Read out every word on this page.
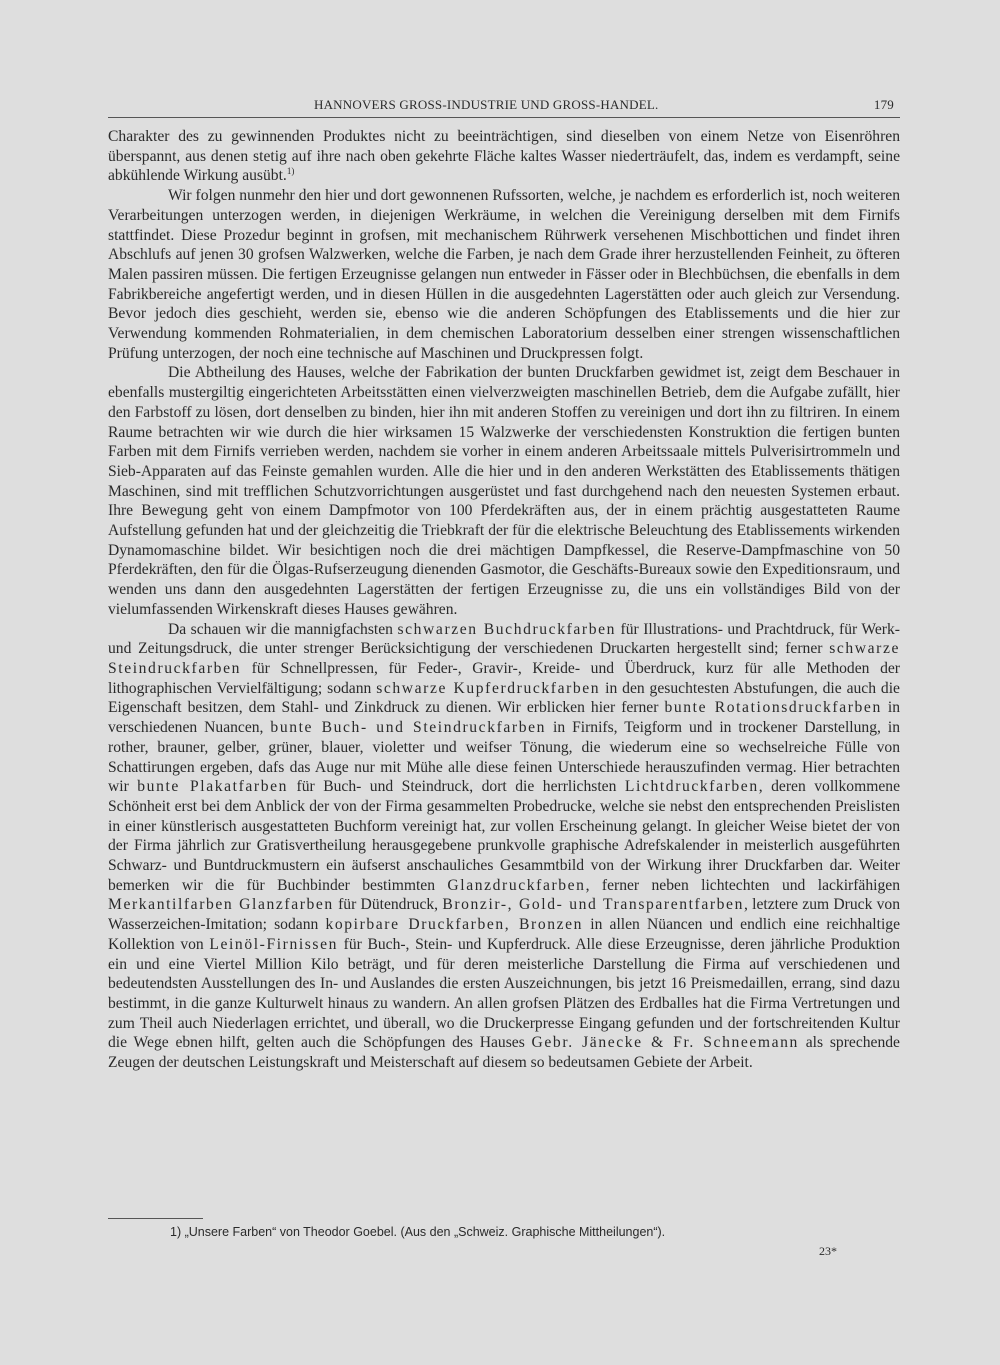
HANNOVERS GROSS-INDUSTRIE UND GROSS-HANDEL.	179

Charakter des zu gewinnenden Produktes nicht zu beeinträchtigen, sind dieselben von einem Netze von Eisenröhren überspannt, aus denen stetig auf ihre nach oben gekehrte Fläche kaltes Wasser niederträufelt, das, indem es verdampft, seine abkühlende Wirkung ausübt.$^{1)}$

Wir folgen nunmehr den hier und dort gewonnenen Rufssorten, welche, je nachdem es erforderlich ist, noch weiteren Verarbeitungen unterzogen werden, in diejenigen Werkräume, in welchen die Vereinigung derselben mit dem Firnifs stattfindet. Diese Prozedur beginnt in grofsen, mit mechanischem Rührwerk versehenen Mischbottichen und findet ihren Abschlufs auf jenen 30 grofsen Walzwerken, welche die Farben, je nach dem Grade ihrer herzustellenden Feinheit, zu öfteren Malen passiren müssen. Die fertigen Erzeugnisse gelangen nun entweder in Fässer oder in Blechbüchsen, die ebenfalls in dem Fabrikbereiche angefertigt werden, und in diesen Hüllen in die ausgedehnten Lagerstätten oder auch gleich zur Versendung. Bevor jedoch dies geschieht, werden sie, ebenso wie die anderen Schöpfungen des Etablissements und die hier zur Verwendung kommenden Rohmaterialien, in dem chemischen Laboratorium desselben einer strengen wissenschaftlichen Prüfung unterzogen, der noch eine technische auf Maschinen und Druckpressen folgt.

Die Abtheilung des Hauses, welche der Fabrikation der bunten Druckfarben gewidmet ist, zeigt dem Beschauer in ebenfalls mustergiltig eingerichteten Arbeitsstätten einen vielverzweigten maschinellen Betrieb, dem die Aufgabe zufällt, hier den Farbstoff zu lösen, dort denselben zu binden, hier ihn mit anderen Stoffen zu vereinigen und dort ihn zu filtriren. In einem Raume betrachten wir wie durch die hier wirksamen 15 Walzwerke der verschiedensten Konstruktion die fertigen bunten Farben mit dem Firnifs verrieben werden, nachdem sie vorher in einem anderen Arbeitssaale mittels Pulverisirtrommeln und Sieb-Apparaten auf das Feinste gemahlen wurden. Alle die hier und in den anderen Werkstätten des Etablissements thätigen Maschinen, sind mit trefflichen Schutzvorrichtungen ausgerüstet und fast durchgehend nach den neuesten Systemen erbaut. Ihre Bewegung geht von einem Dampfmotor von 100 Pferdekräften aus, der in einem prächtig ausgestatteten Raume Aufstellung gefunden hat und der gleichzeitig die Triebkraft der für die elektrische Beleuchtung des Etablissements wirkenden Dynamomaschine bildet. Wir besichtigen noch die drei mächtigen Dampfkessel, die Reserve-Dampfmaschine von 50 Pferdekräften, den für die Ölgas-Rufserzeugung dienenden Gasmotor, die Geschäfts-Bureaux sowie den Expeditionsraum, und wenden uns dann den ausgedehnten Lagerstätten der fertigen Erzeugnisse zu, die uns ein vollständiges Bild von der vielumfassenden Wirkenskraft dieses Hauses gewähren.

Da schauen wir die mannigfachsten schwarzen Buchdruckfarben für Illustrations- und Prachtdruck, für Werk- und Zeitungsdruck, die unter strenger Berücksichtigung der verschiedenen Druckarten hergestellt sind; ferner schwarze Steindruckfarben für Schnellpressen, für Feder-, Gravir-, Kreide- und Überdruck, kurz für alle Methoden der lithographischen Vervielfältigung; sodann schwarze Kupferdruckfarben in den gesuchtesten Abstufungen, die auch die Eigenschaft besitzen, dem Stahl- und Zinkdruck zu dienen. Wir erblicken hier ferner bunte Rotationsdruckfarben in verschiedenen Nuancen, bunte Buch- und Steindruckfarben in Firnifs, Teigform und in trockener Darstellung, in rother, brauner, gelber, grüner, blauer, violetter und weifser Tönung, die wiederum eine so wechselreiche Fülle von Schattirungen ergeben, dafs das Auge nur mit Mühe alle diese feinen Unterschiede herauszufinden vermag. Hier betrachten wir bunte Plakatfarben für Buch- und Steindruck, dort die herrlichsten Lichtdruckfarben, deren vollkommene Schönheit erst bei dem Anblick der von der Firma gesammelten Probedrucke, welche sie nebst den entsprechenden Preislisten in einer künstlerisch ausgestatteten Buchform vereinigt hat, zur vollen Erscheinung gelangt. In gleicher Weise bietet der von der Firma jährlich zur Gratisvertheilung herausgegebene prunkvolle graphische Adrefskalender in meisterlich ausgeführten Schwarz- und Buntdruckmustern ein äufserst anschauliches Gesammtbild von der Wirkung ihrer Druckfarben dar. Weiter bemerken wir die für Buchbinder bestimmten Glanzdruckfarben, ferner neben lichtechten und lackirfähigen Merkantilfarben Glanzfarben für Dütendruck, Bronzir-, Gold- und Transparentfarben, letztere zum Druck von Wasserzeichen-Imitation; sodann kopirbare Druckfarben, Bronzen in allen Nüancen und endlich eine reichhaltige Kollektion von Leinöl-Firnissen für Buch-, Stein- und Kupferdruck. Alle diese Erzeugnisse, deren jährliche Produktion ein und eine Viertel Million Kilo beträgt, und für deren meisterliche Darstellung die Firma auf verschiedenen und bedeutendsten Ausstellungen des In- und Auslandes die ersten Auszeichnungen, bis jetzt 16 Preismedaillen, errang, sind dazu bestimmt, in die ganze Kulturwelt hinaus zu wandern. An allen grofsen Plätzen des Erdballes hat die Firma Vertretungen und zum Theil auch Niederlagen errichtet, und überall, wo die Druckerpresse Eingang gefunden und der fortschreitenden Kultur die Wege ebnen hilft, gelten auch die Schöpfungen des Hauses Gebr. Jänecke & Fr. Schneemann als sprechende Zeugen der deutschen Leistungskraft und Meisterschaft auf diesem so bedeutsamen Gebiete der Arbeit.

1) „Unsere Farben“ von Theodor Goebel. (Aus den „Schweiz. Graphische Mittheilungen“).
23*
